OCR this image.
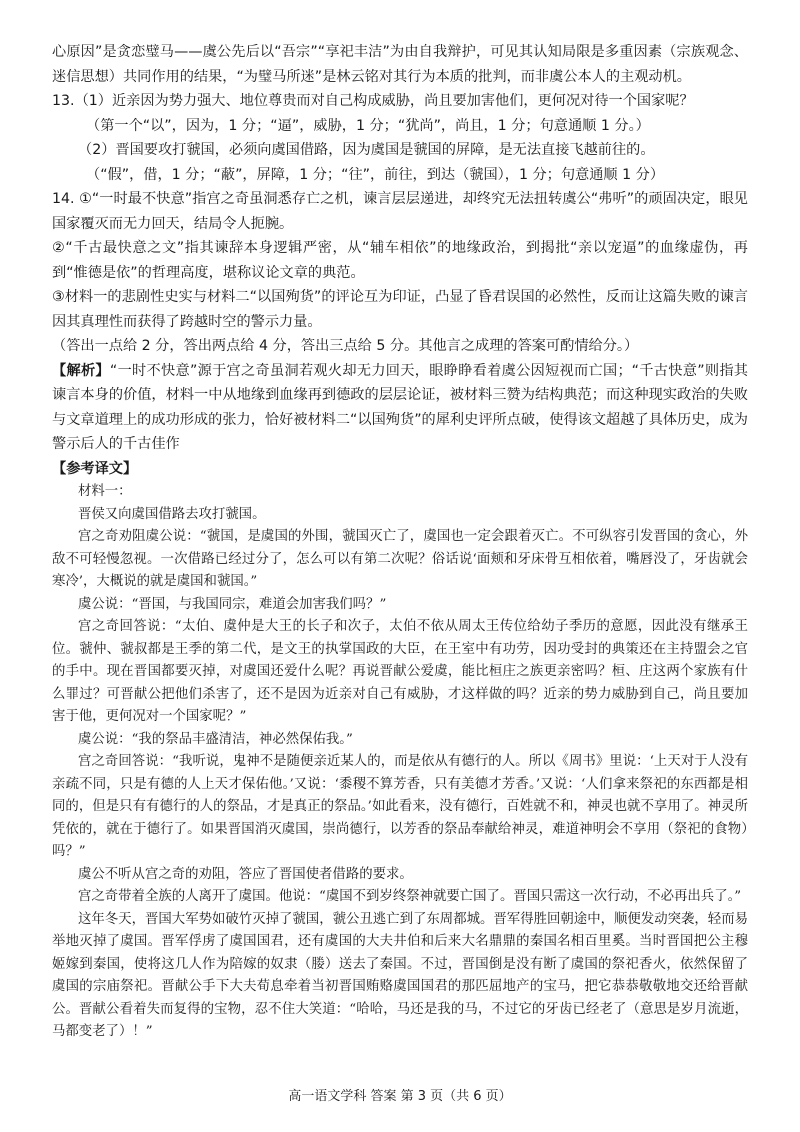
心原因”是贪恋璧马——虞公先后以“吾宗”“享祀丰洁”为由自我辩护，可见其认知局限是多重因素（宗族观念、迷信思想）共同作用的结果，“为璧马所迷”是林云铭对其行为本质的批判，而非虞公本人的主观动机。

13.（1）近亲因为势力强大、地位尊贵而对自己构成威胁，尚且要加害他们，更何况对待一个国家呢？

（第一个“以”，因为，1 分；“逼”，威胁，1 分；“犹尚”，尚且，1 分；句意通顺 1 分。）

（2）晋国要攻打虢国，必须向虞国借路，因为虞国是虢国的屏障，是无法直接飞越前往的。

（“假”，借，1 分；“蔽”，屏障，1 分；“往”，前往，到达（虢国），1 分；句意通顺 1 分）

14. ①“一时最不快意”指宫之奇虽洞悉存亡之机，谏言层层递进，却终究无法扭转虞公“弗听”的顽固决定，眼见国家覆灭而无力回天，结局令人扼腕。

②“千古最快意之文”指其谏辞本身逻辑严密，从“辅车相依”的地缘政治，到揭批“亲以宠逼”的血缘虚伪，再到“惟德是依”的哲理高度，堪称议论文章的典范。

③材料一的悲剧性史实与材料二“以国殉货”的评论互为印证，凸显了昏君误国的必然性，反而让这篇失败的谏言因其真理性而获得了跨越时空的警示力量。

（答出一点给 2 分，答出两点给 4 分，答出三点给 5 分。其他言之成理的答案可酌情给分。）

【解析】“一时不快意”源于宫之奇虽洞若观火却无力回天，眼睁睁看着虞公因短视而亡国；“千古快意”则指其谏言本身的价值，材料一中从地缘到血缘再到德政的层层论证，被材料三赞为结构典范；而这种现实政治的失败与文章道理上的成功形成的张力，恰好被材料二“以国殉货”的犀利史评所点破，使得该文超越了具体历史，成为警示后人的千古佳作

【参考译文】

材料一：

晋侯又向虞国借路去攻打虢国。

宫之奇劝阻虞公说：“虢国，是虞国的外围，虢国灭亡了，虞国也一定会跟着灭亡。不可纵容引发晋国的贪心，外敌不可轻慢忽视。一次借路已经过分了，怎么可以有第二次呢？俗话说‘面颊和牙床骨互相依着，嘴唇没了，牙齿就会寒冷’，大概说的就是虞国和虢国。”

虞公说：“晋国，与我国同宗，难道会加害我们吗？”

宫之奇回答说：“太伯、虞仲是大王的长子和次子，太伯不依从周太王传位给幼子季历的意愿，因此没有继承王位。虢仲、虢叔都是王季的第二代，是文王的执掌国政的大臣，在王室中有功劳，因功受封的典策还在主持盟会之官的手中。现在晋国都要灭掉，对虞国还爱什么呢？再说晋献公爱虞，能比桓庄之族更亲密吗？桓、庄这两个家族有什么罪过？可晋献公把他们杀害了，还不是因为近亲对自己有威胁，才这样做的吗？近亲的势力威胁到自己，尚且要加害于他，更何况对一个国家呢？”

虞公说：“我的祭品丰盛清洁，神必然保佑我。”

宫之奇回答说：“我听说，鬼神不是随便亲近某人的，而是依从有德行的人。所以《周书》里说：‘上天对于人没有亲疏不同，只是有德的人上天才保佑他。’又说：‘黍稷不算芳香，只有美德才芳香。’又说：‘人们拿来祭祀的东西都是相同的，但是只有有德行的人的祭品，才是真正的祭品。’如此看来，没有德行，百姓就不和，神灵也就不享用了。神灵所凭依的，就在于德行了。如果晋国消灭虞国，崇尚德行，以芳香的祭品奉献给神灵，难道神明会不享用（祭祀的食物）吗？”

虞公不听从宫之奇的劝阻，答应了晋国使者借路的要求。

宫之奇带着全族的人离开了虞国。他说：“虞国不到岁终祭神就要亡国了。晋国只需这一次行动，不必再出兵了。”

这年冬天，晋国大军势如破竹灭掉了虢国，虢公丑逃亡到了东周都城。晋军得胜回朝途中，顺便发动突袭，轻而易举地灭掉了虞国。晋军俘虏了虞国国君，还有虞国的大夫井伯和后来大名鼎鼎的秦国名相百里奚。当时晋国把公主穆姬嫁到秦国，使将这几人作为陪嫁的奴隶（媵）送去了秦国。不过，晋国倒是没有断了虞国的祭祀香火，依然保留了虞国的宗庙祭祀。晋献公手下大夫荀息牵着当初晋国贿赂虞国国君的那匹屈地产的宝马，把它恭恭敬敬地交还给晋献公。晋献公看着失而复得的宝物，忍不住大笑道：“哈哈，马还是我的马，不过它的牙齿已经老了（意思是岁月流逝，马都变老了）！”

高一语文学科 答案 第 3 页（共 6 页）
